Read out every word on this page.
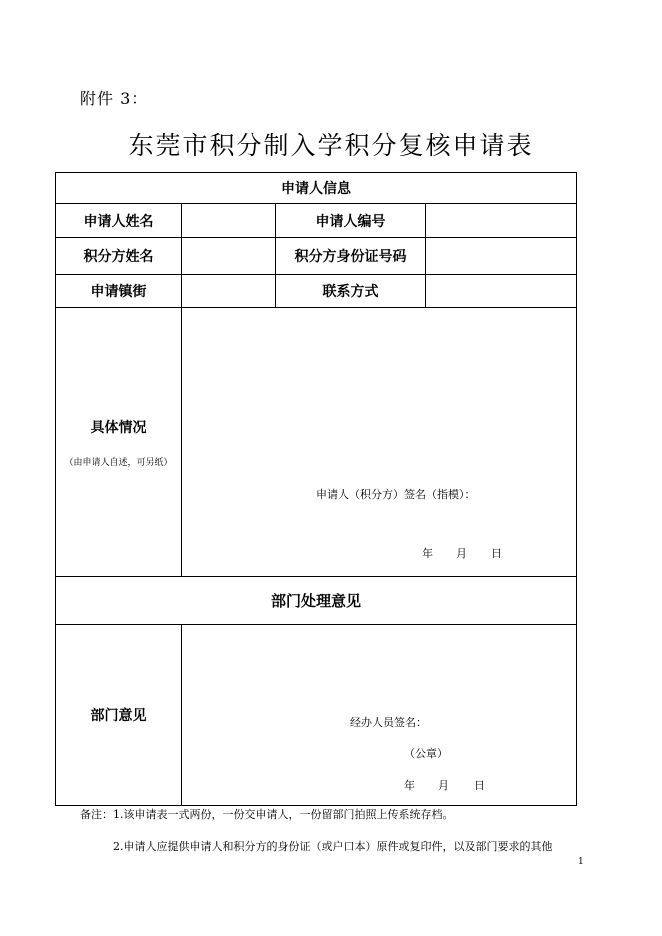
附件 3：
东莞市积分制入学积分复核申请表
申请人信息			
申请人姓名		申请人编号	
积分方姓名		积分方身份证号码	
申请镇街		联系方式	
具体情况
（由申请人自述，可另纸）	申请人（积分方）签名（指模）：
年 月 日		

部门处理意见			
部门意见	经办人员签名：
（公章）
年 月 日		
备注：1.该申请表一式两份，一份交申请人，一份留部门拍照上传系统存档。
2.申请人应提供申请人和积分方的身份证（或户口本）原件或复印件，以及部门要求的其他
1
